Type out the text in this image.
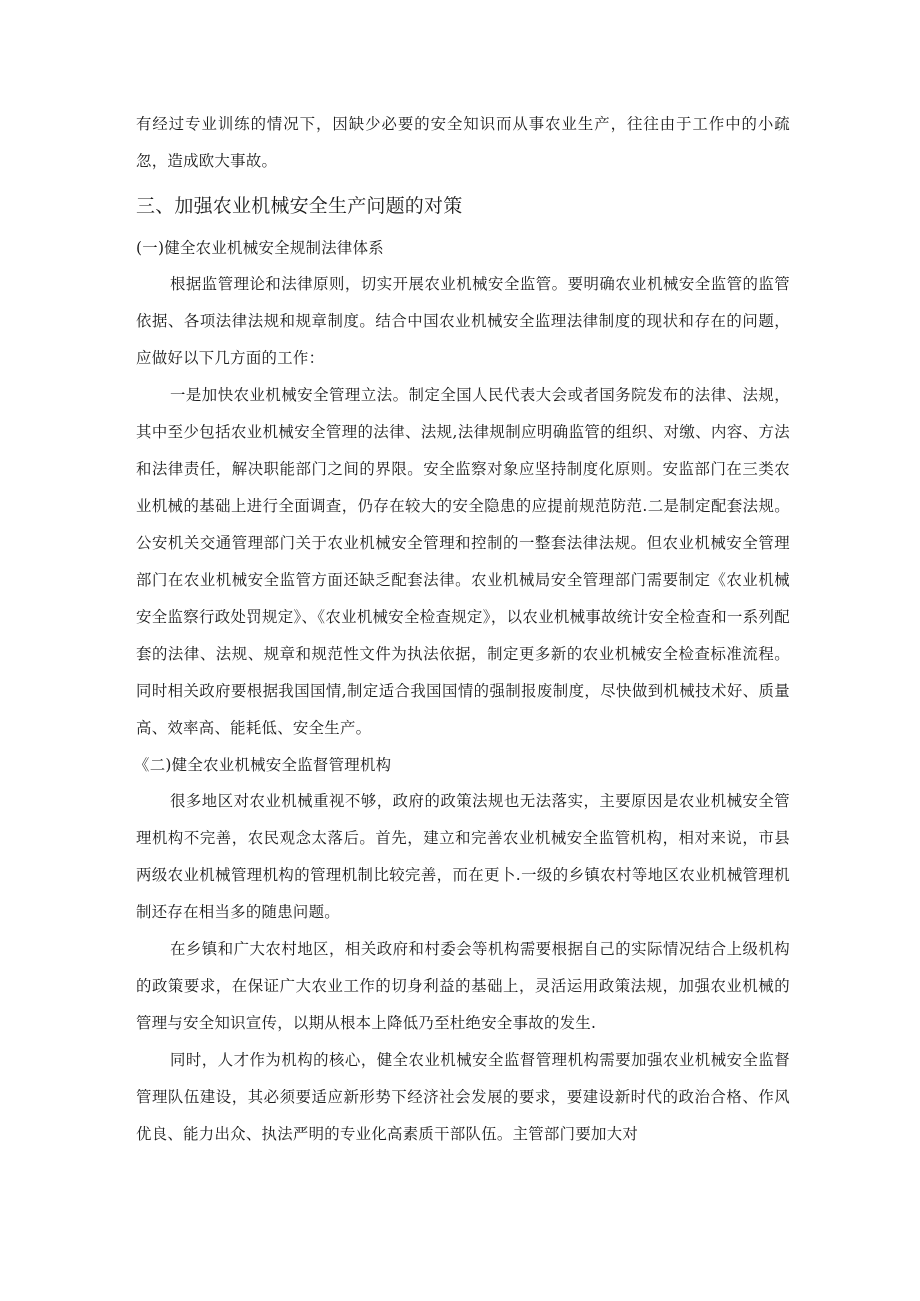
有经过专业训练的情况下，因缺少必要的安全知识而从事农业生产，往往由于工作中的小疏忽，造成欧大事故。

三、加强农业机械安全生产问题的对策
(一)健全农业机械安全规制法律体系

根据监管理论和法律原则，切实开展农业机械安全监管。要明确农业机械安全监管的监管依据、各项法律法规和规章制度。结合中国农业机械安全监理法律制度的现状和存在的问题，应做好以下几方面的工作：

一是加快农业机械安全管理立法。制定全国人民代表大会或者国务院发布的法律、法规，其中至少包括农业机械安全管理的法律、法规,法律规制应明确监管的组织、对缴、内容、方法和法律责任，解决职能部门之间的界限。安全监察对象应坚持制度化原则。安监部门在三类农业机械的基础上进行全面调查，仍存在较大的安全隐患的应提前规范防范.二是制定配套法规。公安机关交通管理部门关于农业机械安全管理和控制的一整套法律法规。但农业机械安全管理部门在农业机械安全监管方面还缺乏配套法律。农业机械局安全管理部门需要制定《农业机械安全监察行政处罚规定》、《农业机械安全检查规定》，以农业机械事故统计安全检查和一系列配套的法律、法规、规章和规范性文件为执法依据，制定更多新的农业机械安全检查标准流程。同时相关政府要根据我国国情,制定适合我国国情的强制报废制度，尽快做到机械技术好、质量高、效率高、能耗低、安全生产。

《二)健全农业机械安全监督管理机构

很多地区对农业机械重视不够，政府的政策法规也无法落实，主要原因是农业机械安全管理机构不完善，农民观念太落后。首先，建立和完善农业机械安全监管机构，相对来说，市县两级农业机械管理机构的管理机制比较完善，而在更卜.一级的乡镇农村等地区农业机械管理机制还存在相当多的随患问题。

在乡镇和广大农村地区，相关政府和村委会等机构需要根据自己的实际情况结合上级机构的政策要求，在保证广大农业工作的切身利益的基础上，灵活运用政策法规，加强农业机械的管理与安全知识宣传，以期从根本上降低乃至杜绝安全事故的发生.

同时，人才作为机构的核心，健全农业机械安全监督管理机构需要加强农业机械安全监督管理队伍建设，其必须要适应新形势下经济社会发展的要求，要建设新时代的政治合格、作风优良、能力出众、执法严明的专业化高素质干部队伍。主管部门要加大对
